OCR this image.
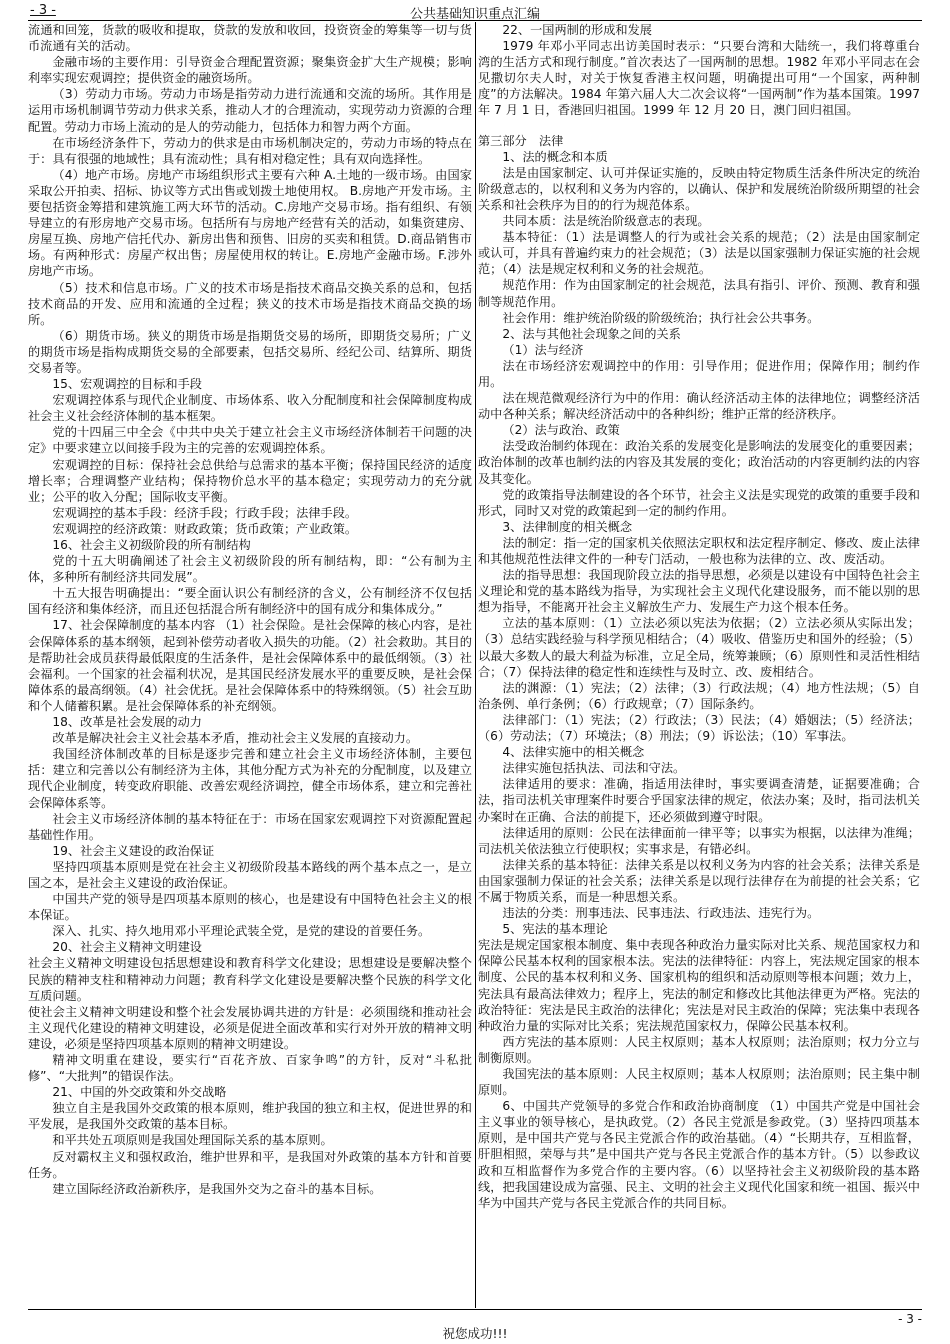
- 3 -	公共基础知识重点汇编

流通和回笼，货款的吸收和提取，贷款的发放和收回，投资资金的筹集等一切与货币流通有关的活动。

金融市场的主要作用：引导资金合理配置资源；聚集资金扩大生产规模；影响利率实现宏观调控；提供资金的融资场所。

（3）劳动力市场。劳动力市场是指劳动力进行流通和交流的场所。其作用是运用市场机制调节劳动力供求关系，推动人才的合理流动，实现劳动力资源的合理配置。劳动力市场上流动的是人的劳动能力，包括体力和智力两个方面。

在市场经济条件下，劳动力的供求是由市场机制决定的，劳动力市场的特点在于：具有很强的地域性；具有流动性；具有相对稳定性；具有双向选择性。

（4）地产市场。房地产市场组织形式主要有六种 A.土地的一级市场。由国家采取公开拍卖、招标、协议等方式出售或划拨土地使用权。 B.房地产开发市场。主要包括资金筹措和建筑施工两大环节的活动。C.房地产交易市场。指有组织、有领导建立的有形房地产交易市场。包括所有与房地产经营有关的活动，如集资建房、房屋互换、房地产信托代办、新房出售和预售、旧房的买卖和租赁。D.商品销售市场。有两种形式：房屋产权出售；房屋使用权的转让。E.房地产金融市场。F.涉外房地产市场。

（5）技术和信息市场。广义的技术市场是指技术商品交换关系的总和，包括技术商品的开发、应用和流通的全过程；狭义的技术市场是指技术商品交换的场所。

（6）期货市场。狭义的期货市场是指期货交易的场所，即期货交易所；广义的期货市场是指构成期货交易的全部要素，包括交易所、经纪公司、结算所、期货交易者等。

15、宏观调控的目标和手段

宏观调控体系与现代企业制度、市场体系、收入分配制度和社会保障制度构成社会主义社会经济体制的基本框架。

党的十四届三中全会《中共中央关于建立社会主义市场经济体制若干问题的决定》中要求建立以间接手段为主的完善的宏观调控体系。

宏观调控的目标：保持社会总供给与总需求的基本平衡；保持国民经济的适度增长率；合理调整产业结构；保持物价总水平的基本稳定；实现劳动力的充分就业；公平的收入分配；国际收支平衡。

宏观调控的基本手段：经济手段；行政手段；法律手段。

宏观调控的经济政策：财政政策；货币政策；产业政策。

16、社会主义初级阶段的所有制结构

党的十五大明确阐述了社会主义初级阶段的所有制结构，即：“公有制为主体，多种所有制经济共同发展”。

十五大报告明确提出：“要全面认识公有制经济的含义，公有制经济不仅包括国有经济和集体经济，而且还包括混合所有制经济中的国有成分和集体成分。”

17、社会保障制度的基本内容 （1）社会保险。是社会保障的核心内容，是社会保障体系的基本纲领，起到补偿劳动者收入损失的功能。（2）社会救助。其目的是帮助社会成员获得最低限度的生活条件，是社会保障体系中的最低纲领。（3）社会福利。一个国家的社会福利状况，是其国民经济发展水平的重要反映，是社会保障体系的最高纲领。（4）社会优抚。是社会保障体系中的特殊纲领。（5）社会互助和个人储蓄积累。是社会保障体系的补充纲领。

18、改革是社会发展的动力

改革是解决社会主义社会基本矛盾，推动社会主义发展的直接动力。

我国经济体制改革的目标是逐步完善和建立社会主义市场经济体制，主要包括：建立和完善以公有制经济为主体，其他分配方式为补充的分配制度，以及建立现代企业制度，转变政府职能、改善宏观经济调控，健全市场体系，建立和完善社会保障体系等。

社会主义市场经济体制的基本特征在于：市场在国家宏观调控下对资源配置起基础性作用。

19、社会主义建设的政治保证

坚持四项基本原则是党在社会主义初级阶段基本路线的两个基本点之一，是立国之本，是社会主义建设的政治保证。

中国共产党的领导是四项基本原则的核心，也是建设有中国特色社会主义的根本保证。

深入、扎实、持久地用邓小平理论武装全党，是党的建设的首要任务。

20、社会主义精神文明建设

社会主义精神文明建设包括思想建设和教育科学文化建设；思想建设是要解决整个民族的精神支柱和精神动力问题；教育科学文化建设是要解决整个民族的科学文化互质问题。

使社会主义精神文明建设和整个社会发展协调共进的方针是：必须围绕和推动社会主义现代化建设的精神文明建设，必须是促进全面改革和实行对外开放的精神文明建设，必须是坚持四项基本原则的精神文明建设。

精神文明重在建设，要实行“百花齐放、百家争鸣”的方针，反对“斗私批修”、“大批判”的错误作法。

21、中国的外交政策和外交战略

独立自主是我国外交政策的根本原则，维护我国的独立和主权，促进世界的和平发展，是我国外交政策的基本目标。

和平共处五项原则是我国处理国际关系的基本原则。

反对霸权主义和强权政治，维护世界和平，是我国对外政策的基本方针和首要任务。

建立国际经济政治新秩序，是我国外交为之奋斗的基本目标。

22、一国两制的形成和发展

1979 年邓小平同志出访美国时表示：“只要台湾和大陆统一，我们将尊重台湾的生活方式和现行制度。”首次表达了一国两制的思想。1982 年邓小平同志在会见撒切尔夫人时，对关于恢复香港主权问题，明确提出可用“一个国家，两种制度”的方法解决。1984 年第六届人大二次会议将“一国两制”作为基本国策。1997 年 7 月 1 日，香港回归祖国。1999 年 12 月 20 日，澳门回归祖国。

第三部分　法律

1、法的概念和本质

法是由国家制定、认可并保证实施的，反映由特定物质生活条件所决定的统治阶级意志的，以权利和义务为内容的，以确认、保护和发展统治阶级所期望的社会关系和社会秩序为目的的行为规范体系。

共同本质：法是统治阶级意志的表现。

基本特征：（1）法是调整人的行为或社会关系的规范；（2）法是由国家制定或认可，并具有普遍约束力的社会规范；（3）法是以国家强制力保证实施的社会规范；（4）法是规定权利和义务的社会规范。

规范作用：作为由国家制定的社会规范，法具有指引、评价、预测、教育和强制等规范作用。

社会作用：维护统治阶级的阶级统治；执行社会公共事务。

2、法与其他社会现象之间的关系

（1）法与经济

法在市场经济宏观调控中的作用：引导作用；促进作用；保障作用；制约作用。

法在规范微观经济行为中的作用：确认经济活动主体的法律地位；调整经济活动中各种关系；解决经济活动中的各种纠纷；维护正常的经济秩序。

（2）法与政治、政策

法受政治制约体现在：政治关系的发展变化是影响法的发展变化的重要因素；政治体制的改革也制约法的内容及其发展的变化；政治活动的内容更制约法的内容及其变化。

党的政策指导法制建设的各个环节，社会主义法是实现党的政策的重要手段和形式，同时又对党的政策起到一定的制约作用。

3、法律制度的相关概念

法的制定：指一定的国家机关依照法定职权和法定程序制定、修改、废止法律和其他规范性法律文件的一种专门活动，一般也称为法律的立、改、废活动。

法的指导思想：我国现阶段立法的指导思想，必须是以建设有中国特色社会主义理论和党的基本路线为指导，为实现社会主义现代化建设服务，而不能以别的思想为指导，不能离开社会主义解放生产力、发展生产力这个根本任务。

立法的基本原则：（1）立法必须以宪法为依据；（2）立法必须从实际出发；（3）总结实践经验与科学预见相结合；（4）吸收、借鉴历史和国外的经验；（5）以最大多数人的最大利益为标准，立足全局，统筹兼顾；（6）原则性和灵活性相结合；（7）保持法律的稳定性和连续性与及时立、改、废相结合。

法的渊源：（1）宪法；（2）法律；（3）行政法规；（4）地方性法规；（5）自治条例、单行条例；（6）行政规章；（7）国际条约。

法律部门：（1）宪法；（2）行政法；（3）民法；（4）婚姻法；（5）经济法；（6）劳动法；（7）环境法；（8）刑法；（9）诉讼法；（10）军事法。

4、法律实施中的相关概念

法律实施包括执法、司法和守法。

法律适用的要求：准确，指适用法律时，事实要调查清楚，证据要准确；合法，指司法机关审理案件时要合乎国家法律的规定，依法办案；及时，指司法机关办案时在正确、合法的前提下，还必须做到遵守时限。

法律适用的原则：公民在法律面前一律平等；以事实为根据，以法律为准绳；司法机关依法独立行使职权；实事求是，有错必纠。

法律关系的基本特征：法律关系是以权利义务为内容的社会关系；法律关系是由国家强制力保证的社会关系；法律关系是以现行法律存在为前提的社会关系；它不属于物质关系，而是一种思想关系。

违法的分类：刑事违法、民事违法、行政违法、违宪行为。

5、宪法的基本理论

宪法是规定国家根本制度、集中表现各种政治力量实际对比关系、规范国家权力和保障公民基本权利的国家根本法。宪法的法律特征：内容上，宪法规定国家的根本制度、公民的基本权利和义务、国家机构的组织和活动原则等根本问题；效力上，宪法具有最高法律效力；程序上，宪法的制定和修改比其他法律更为严格。宪法的政治特征：宪法是民主政治的法律化；宪法是对民主政治的保障；宪法集中表现各种政治力量的实际对比关系；宪法规范国家权力，保障公民基本权利。

西方宪法的基本原则：人民主权原则；基本人权原则；法治原则；权力分立与制衡原则。

我国宪法的基本原则：人民主权原则；基本人权原则；法治原则；民主集中制原则。

6、中国共产党领导的多党合作和政治协商制度 （1）中国共产党是中国社会主义事业的领导核心，是执政党。（2）各民主党派是参政党。（3）坚持四项基本原则，是中国共产党与各民主党派合作的政治基础。（4）“长期共存，互相监督，肝胆相照，荣辱与共”是中国共产党与各民主党派合作的基本方针。（5）以参政议政和互相监督作为多党合作的主要内容。（6）以坚持社会主义初级阶段的基本路线，把我国建设成为富强、民主、文明的社会主义现代化国家和统一祖国、振兴中华为中国共产党与各民主党派合作的共同目标。

- 3 -
祝您成功!!!
